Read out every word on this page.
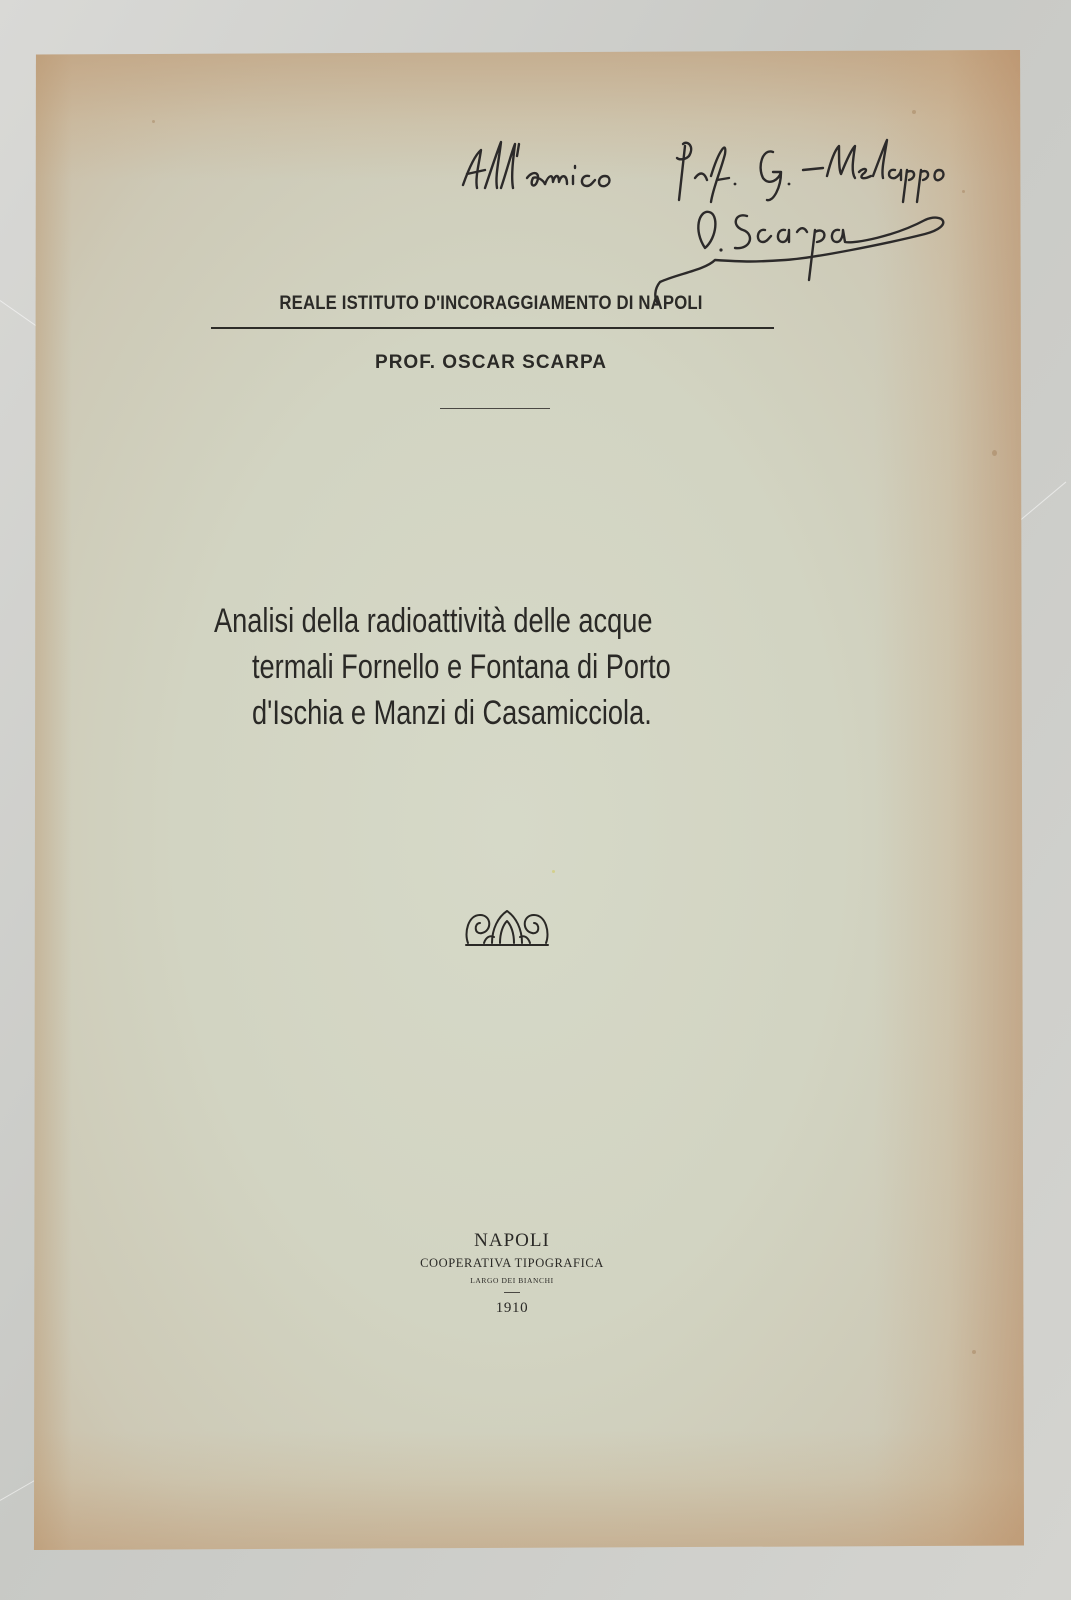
REALE ISTITUTO D'INCORAGGIAMENTO DI NAPOLI
PROF. OSCAR SCARPA
Analisi della radioattività delle acque
termali Fornello e Fontana di Porto
d'Ischia e Manzi di Casamicciola.
NAPOLI
COOPERATIVA TIPOGRAFICA
LARGO DEI BIANCHI
1910
